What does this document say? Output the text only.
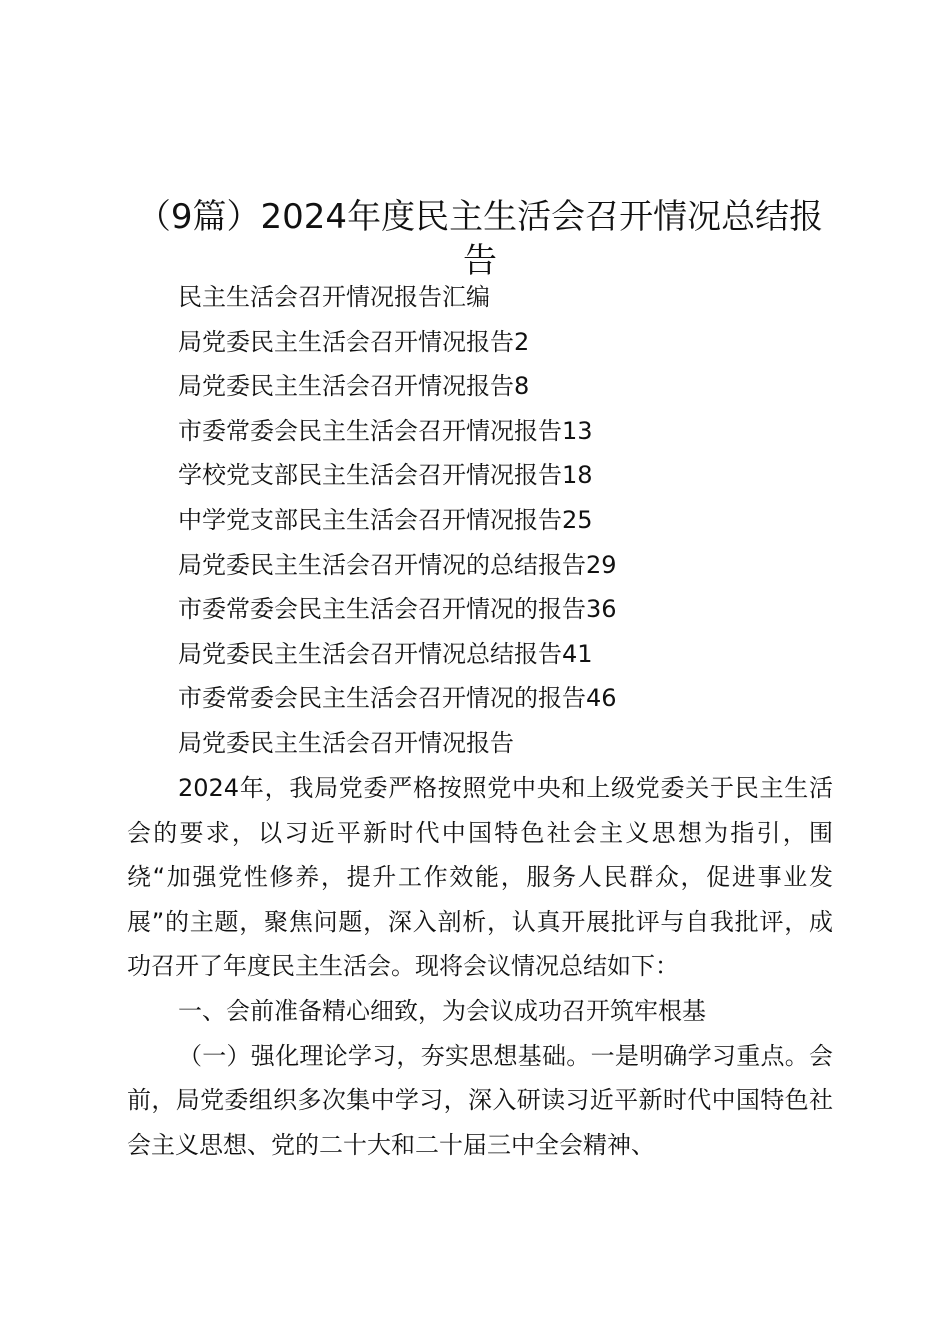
（9篇）2024年度民主生活会召开情况总结报告
民主生活会召开情况报告汇编
局党委民主生活会召开情况报告2
局党委民主生活会召开情况报告8
市委常委会民主生活会召开情况报告13
学校党支部民主生活会召开情况报告18
中学党支部民主生活会召开情况报告25
局党委民主生活会召开情况的总结报告29
市委常委会民主生活会召开情况的报告36
局党委民主生活会召开情况总结报告41
市委常委会民主生活会召开情况的报告46
局党委民主生活会召开情况报告

2024年，我局党委严格按照党中央和上级党委关于民主生活会的要求，以习近平新时代中国特色社会主义思想为指引，围绕“加强党性修养，提升工作效能，服务人民群众，促进事业发展”的主题，聚焦问题，深入剖析，认真开展批评与自我批评，成功召开了年度民主生活会。现将会议情况总结如下：

一、会前准备精心细致，为会议成功召开筑牢根基

（一）强化理论学习，夯实思想基础。一是明确学习重点。会前，局党委组织多次集中学习，深入研读习近平新时代中国特色社会主义思想、党的二十大和二十届三中全会精神、
